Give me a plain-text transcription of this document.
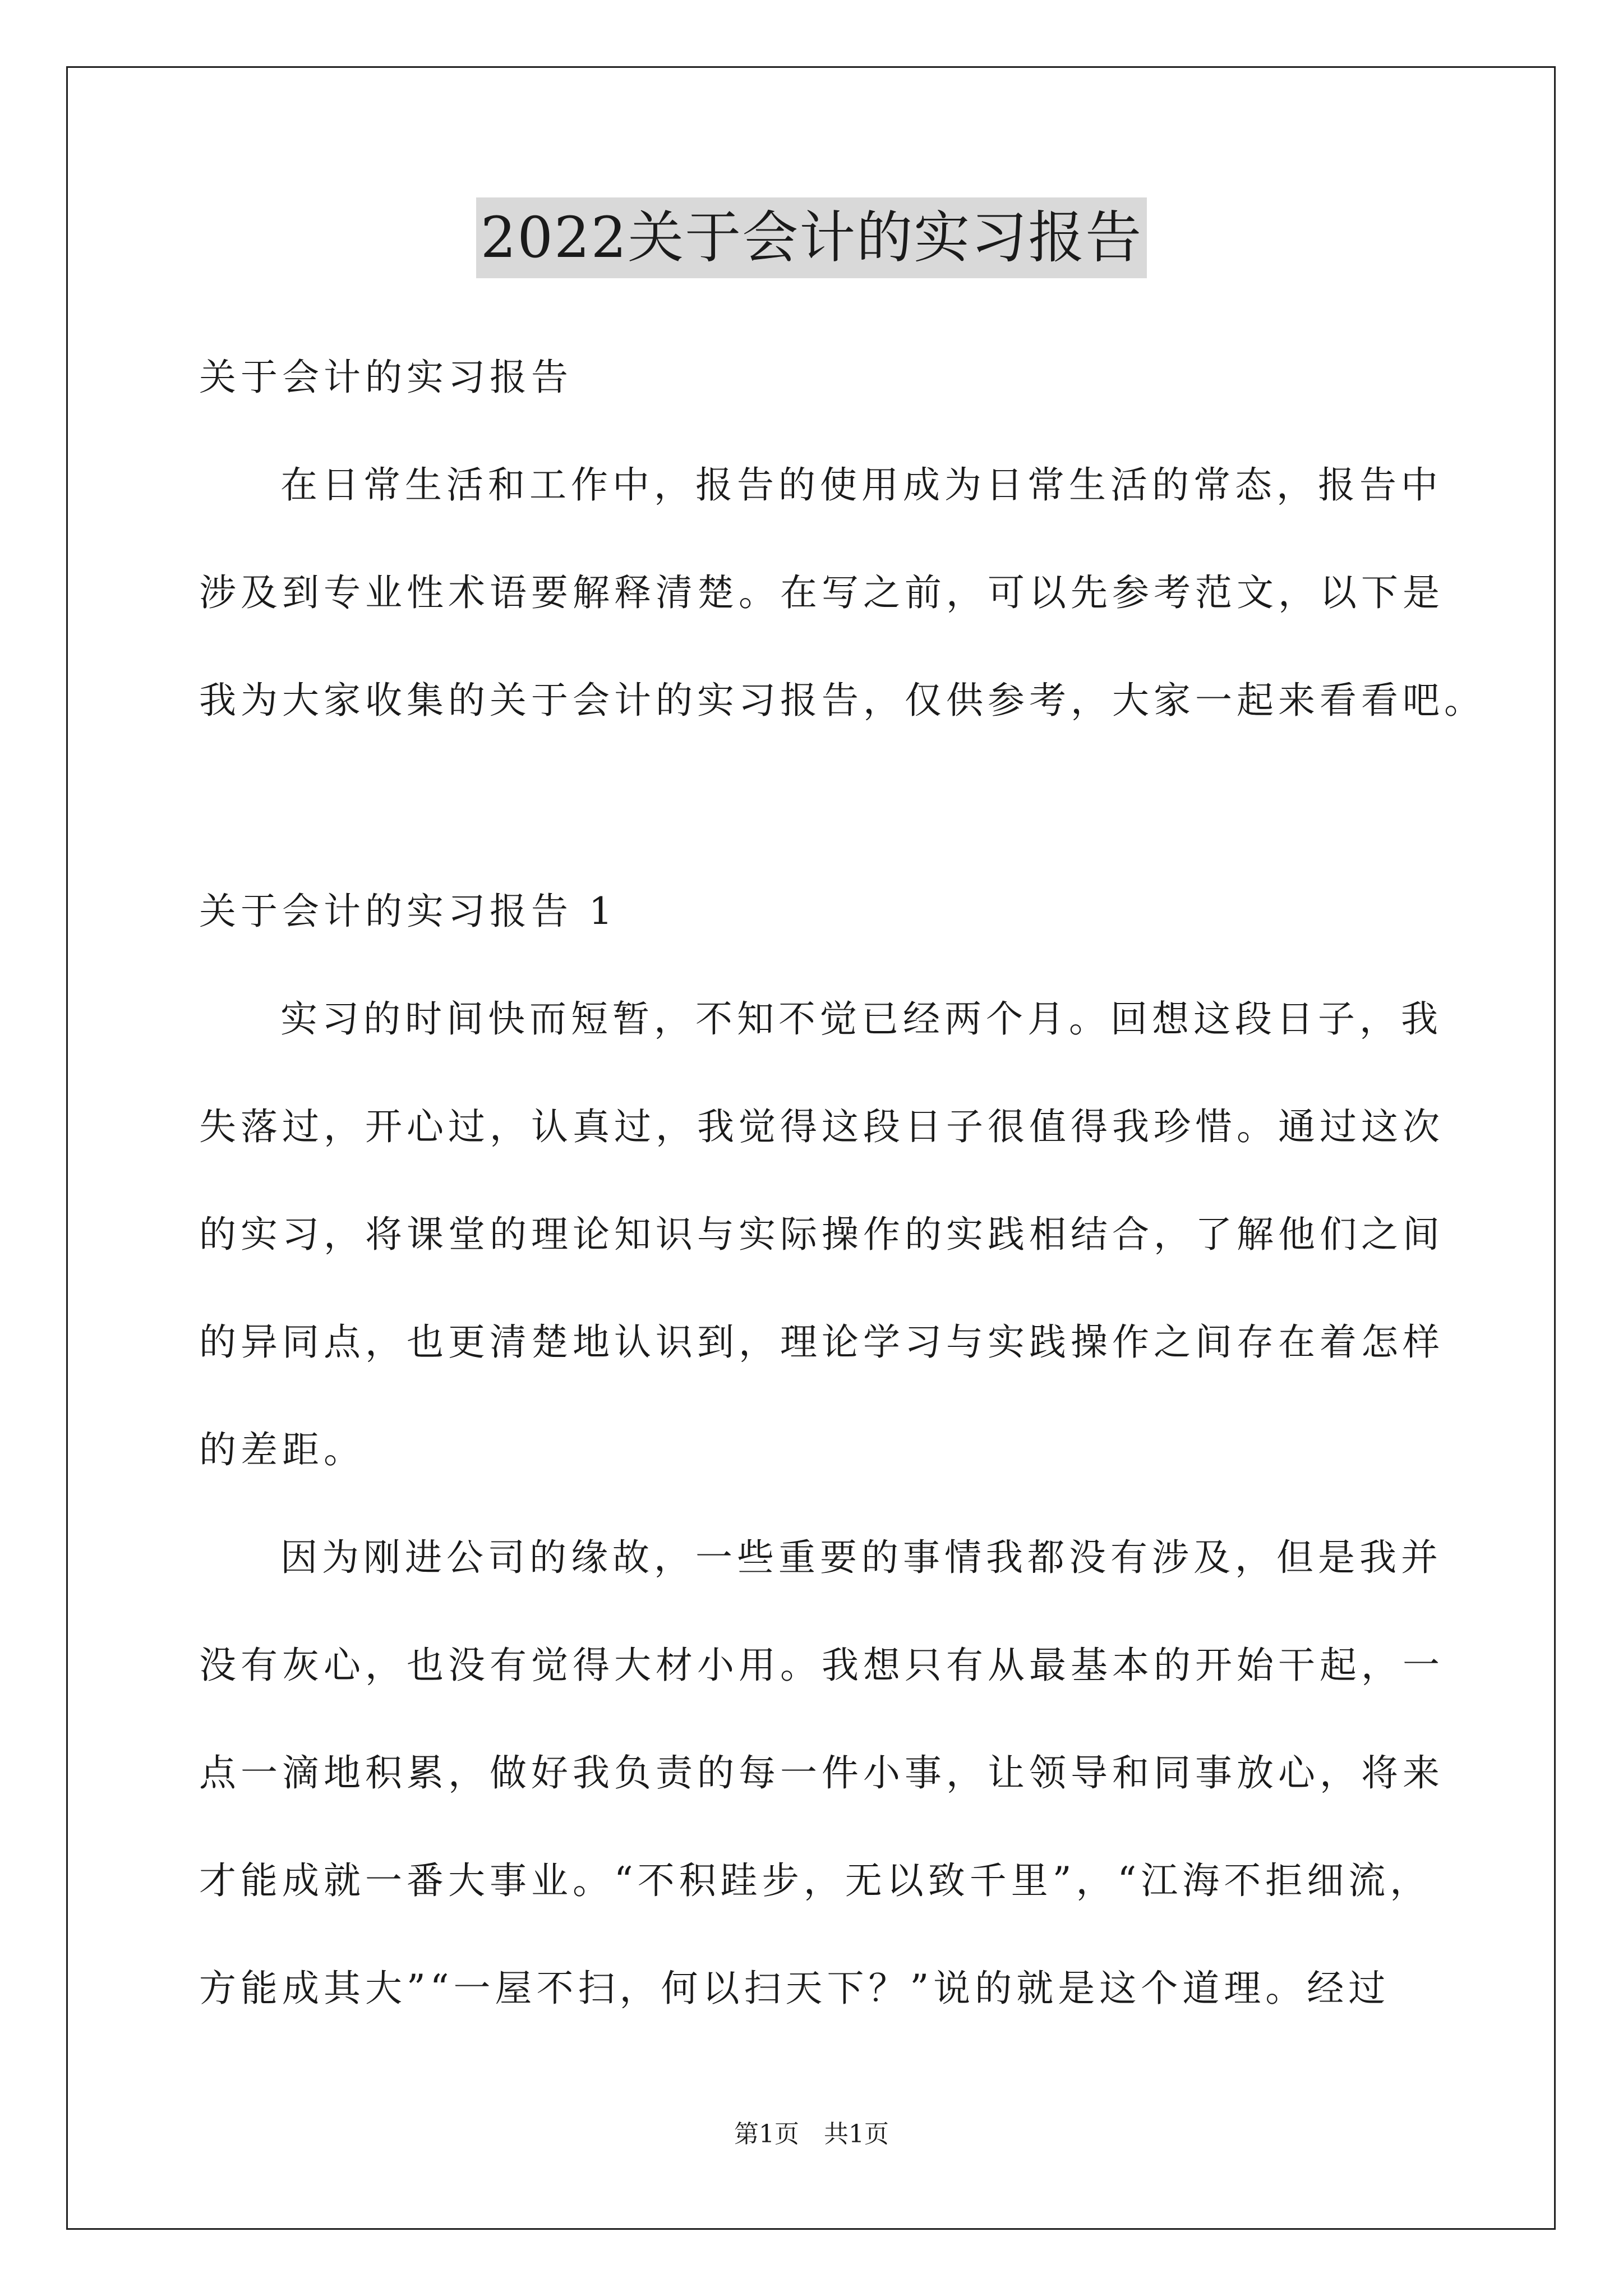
2022关于会计的实习报告
关于会计的实习报告
在日常生活和工作中，报告的使用成为日常生活的常态，报告中
涉及到专业性术语要解释清楚。在写之前，可以先参考范文，以下是
我为大家收集的关于会计的实习报告，仅供参考，大家一起来看看吧。
关于会计的实习报告 1
实习的时间快而短暂，不知不觉已经两个月。回想这段日子，我
失落过，开心过，认真过，我觉得这段日子很值得我珍惜。通过这次
的实习，将课堂的理论知识与实际操作的实践相结合，了解他们之间
的异同点，也更清楚地认识到，理论学习与实践操作之间存在着怎样
的差距。
因为刚进公司的缘故，一些重要的事情我都没有涉及，但是我并
没有灰心，也没有觉得大材小用。我想只有从最基本的开始干起，一
点一滴地积累，做好我负责的每一件小事，让领导和同事放心，将来
才能成就一番大事业。“不积跬步，无以致千里”，“江海不拒细流，
方能成其大”“一屋不扫，何以扫天下？”说的就是这个道理。经过
第1页　共1页
